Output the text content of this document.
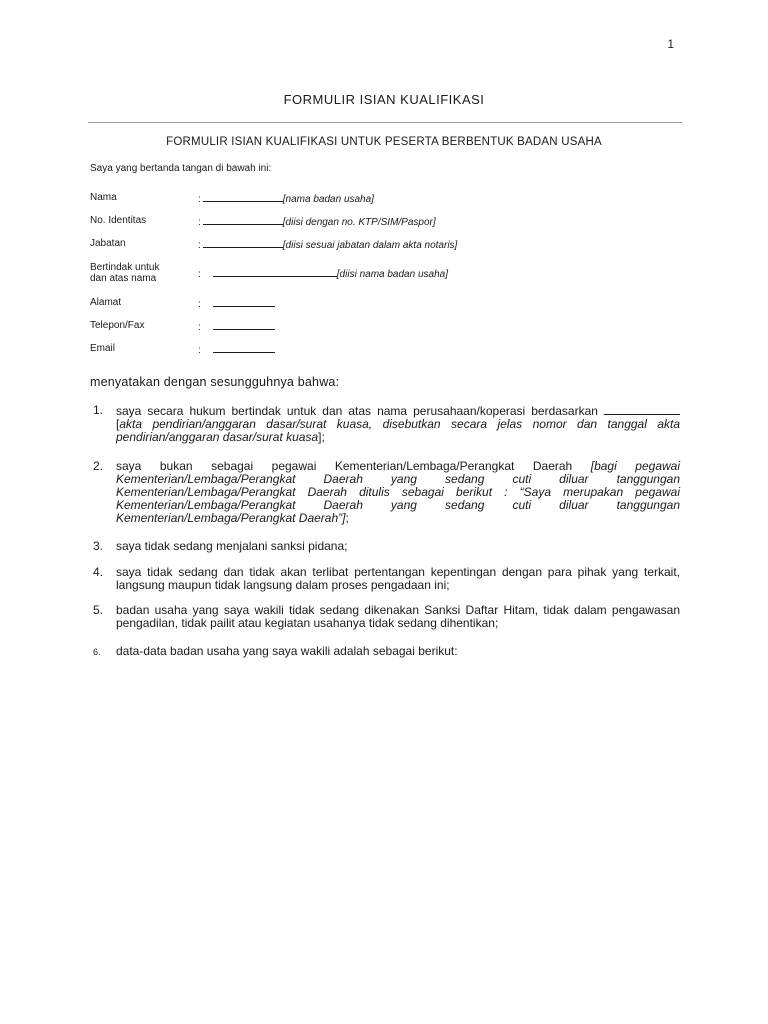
1
FORMULIR ISIAN KUALIFIKASI
FORMULIR ISIAN KUALIFIKASI UNTUK PESERTA BERBENTUK BADAN USAHA
Saya yang bertanda tangan di bawah ini:
Nama	:	[nama badan usaha]
No. Identitas	:	[diisi dengan no. KTP/SIM/Paspor]
Jabatan	:	[diisi sesuai jabatan dalam akta notaris]
Bertindak untuk
dan atas nama	:	[diisi nama badan usaha]
Alamat	:
Telepon/Fax	:
Email	:
menyatakan dengan sesungguhnya bahwa:
1. saya secara hukum bertindak untuk dan atas nama perusahaan/koperasi berdasarkan  [akta pendirian/anggaran dasar/surat kuasa, disebutkan secara jelas nomor dan tanggal akta pendirian/anggaran dasar/surat kuasa];
2. saya bukan sebagai pegawai Kementerian/Lembaga/Perangkat Daerah [bagi pegawai Kementerian/Lembaga/Perangkat Daerah yang sedang cuti diluar tanggungan Kementerian/Lembaga/Perangkat Daerah ditulis sebagai berikut : “Saya merupakan pegawai Kementerian/Lembaga/Perangkat Daerah yang sedang cuti diluar tanggungan Kementerian/Lembaga/Perangkat Daerah”];
3. saya tidak sedang menjalani sanksi pidana;
4. saya tidak sedang dan tidak akan terlibat pertentangan kepentingan dengan para pihak yang terkait, langsung maupun tidak langsung dalam proses pengadaan ini;
5. badan usaha yang saya wakili tidak sedang dikenakan Sanksi Daftar Hitam, tidak dalam pengawasan pengadilan, tidak pailit atau kegiatan usahanya tidak sedang dihentikan;
6. data-data badan usaha yang saya wakili adalah sebagai berikut:
